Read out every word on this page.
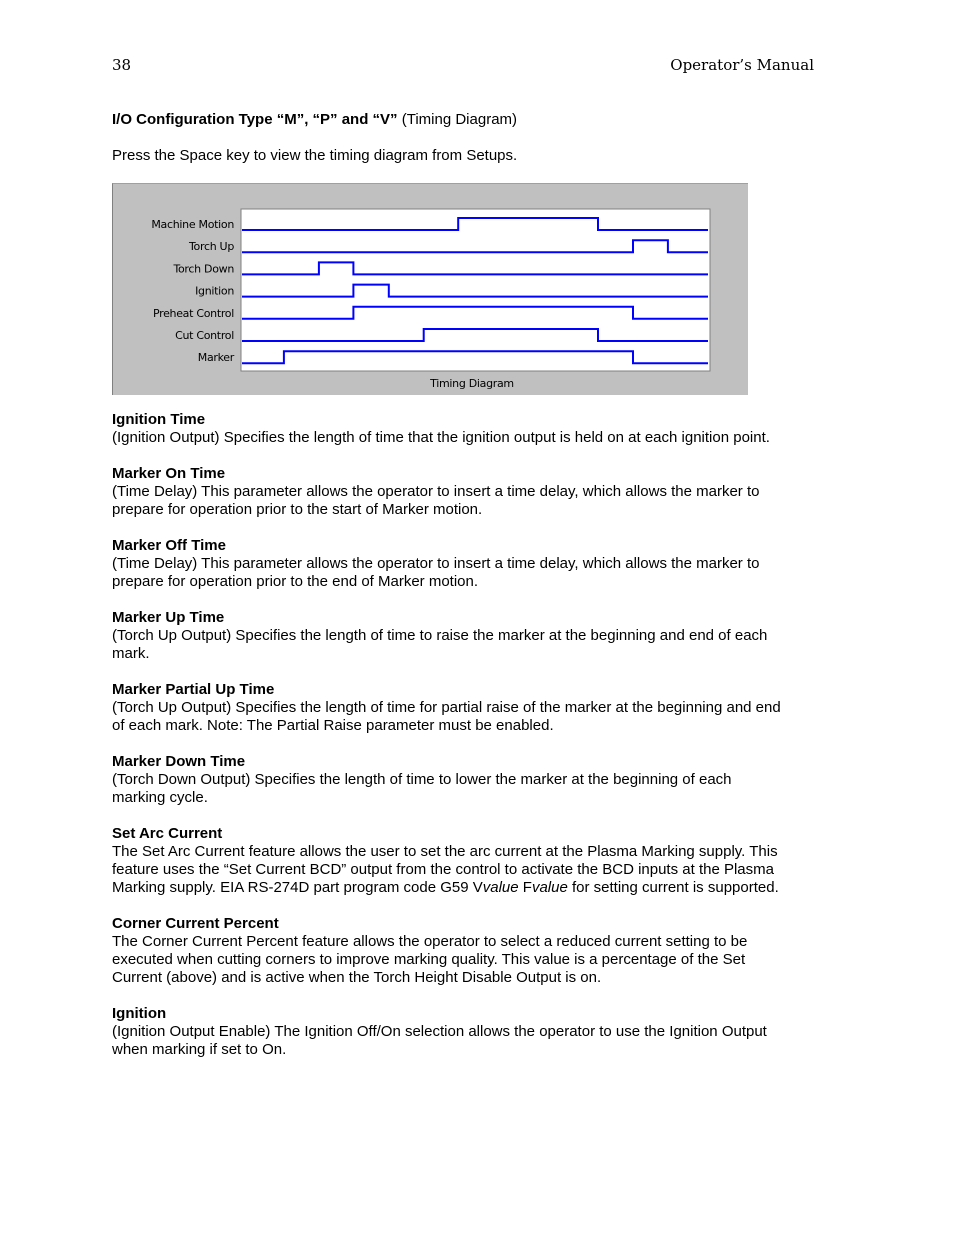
38	Operator’s Manual
I/O Configuration Type “M”, “P” and “V” (Timing Diagram)
Press the Space key to view the timing diagram from Setups.
Machine Motion
Torch Up
Torch Down
Ignition
Preheat Control
Cut Control
Marker
Timing Diagram
Ignition Time

(Ignition Output) Specifies the length of time that the ignition output is held on at each ignition point.

Marker On Time

(Time Delay) This parameter allows the operator to insert a time delay, which allows the marker to

prepare for operation prior to the start of Marker motion.

Marker Off Time

(Time Delay) This parameter allows the operator to insert a time delay, which allows the marker to

prepare for operation prior to the end of Marker motion.

Marker Up Time

(Torch Up Output) Specifies the length of time to raise the marker at the beginning and end of each

mark.

Marker Partial Up Time

(Torch Up Output) Specifies the length of time for partial raise of the marker at the beginning and end

of each mark. Note: The Partial Raise parameter must be enabled.

Marker Down Time

(Torch Down Output) Specifies the length of time to lower the marker at the beginning of each

marking cycle.

Set Arc Current

The Set Arc Current feature allows the user to set the arc current at the Plasma Marking supply. This

feature uses the “Set Current BCD” output from the control to activate the BCD inputs at the Plasma

Marking supply. EIA RS-274D part program code G59 Vvalue Fvalue for setting current is supported.

Corner Current Percent

The Corner Current Percent feature allows the operator to select a reduced current setting to be

executed when cutting corners to improve marking quality. This value is a percentage of the Set

Current (above) and is active when the Torch Height Disable Output is on.

Ignition

(Ignition Output Enable) The Ignition Off/On selection allows the operator to use the Ignition Output

when marking if set to On.
